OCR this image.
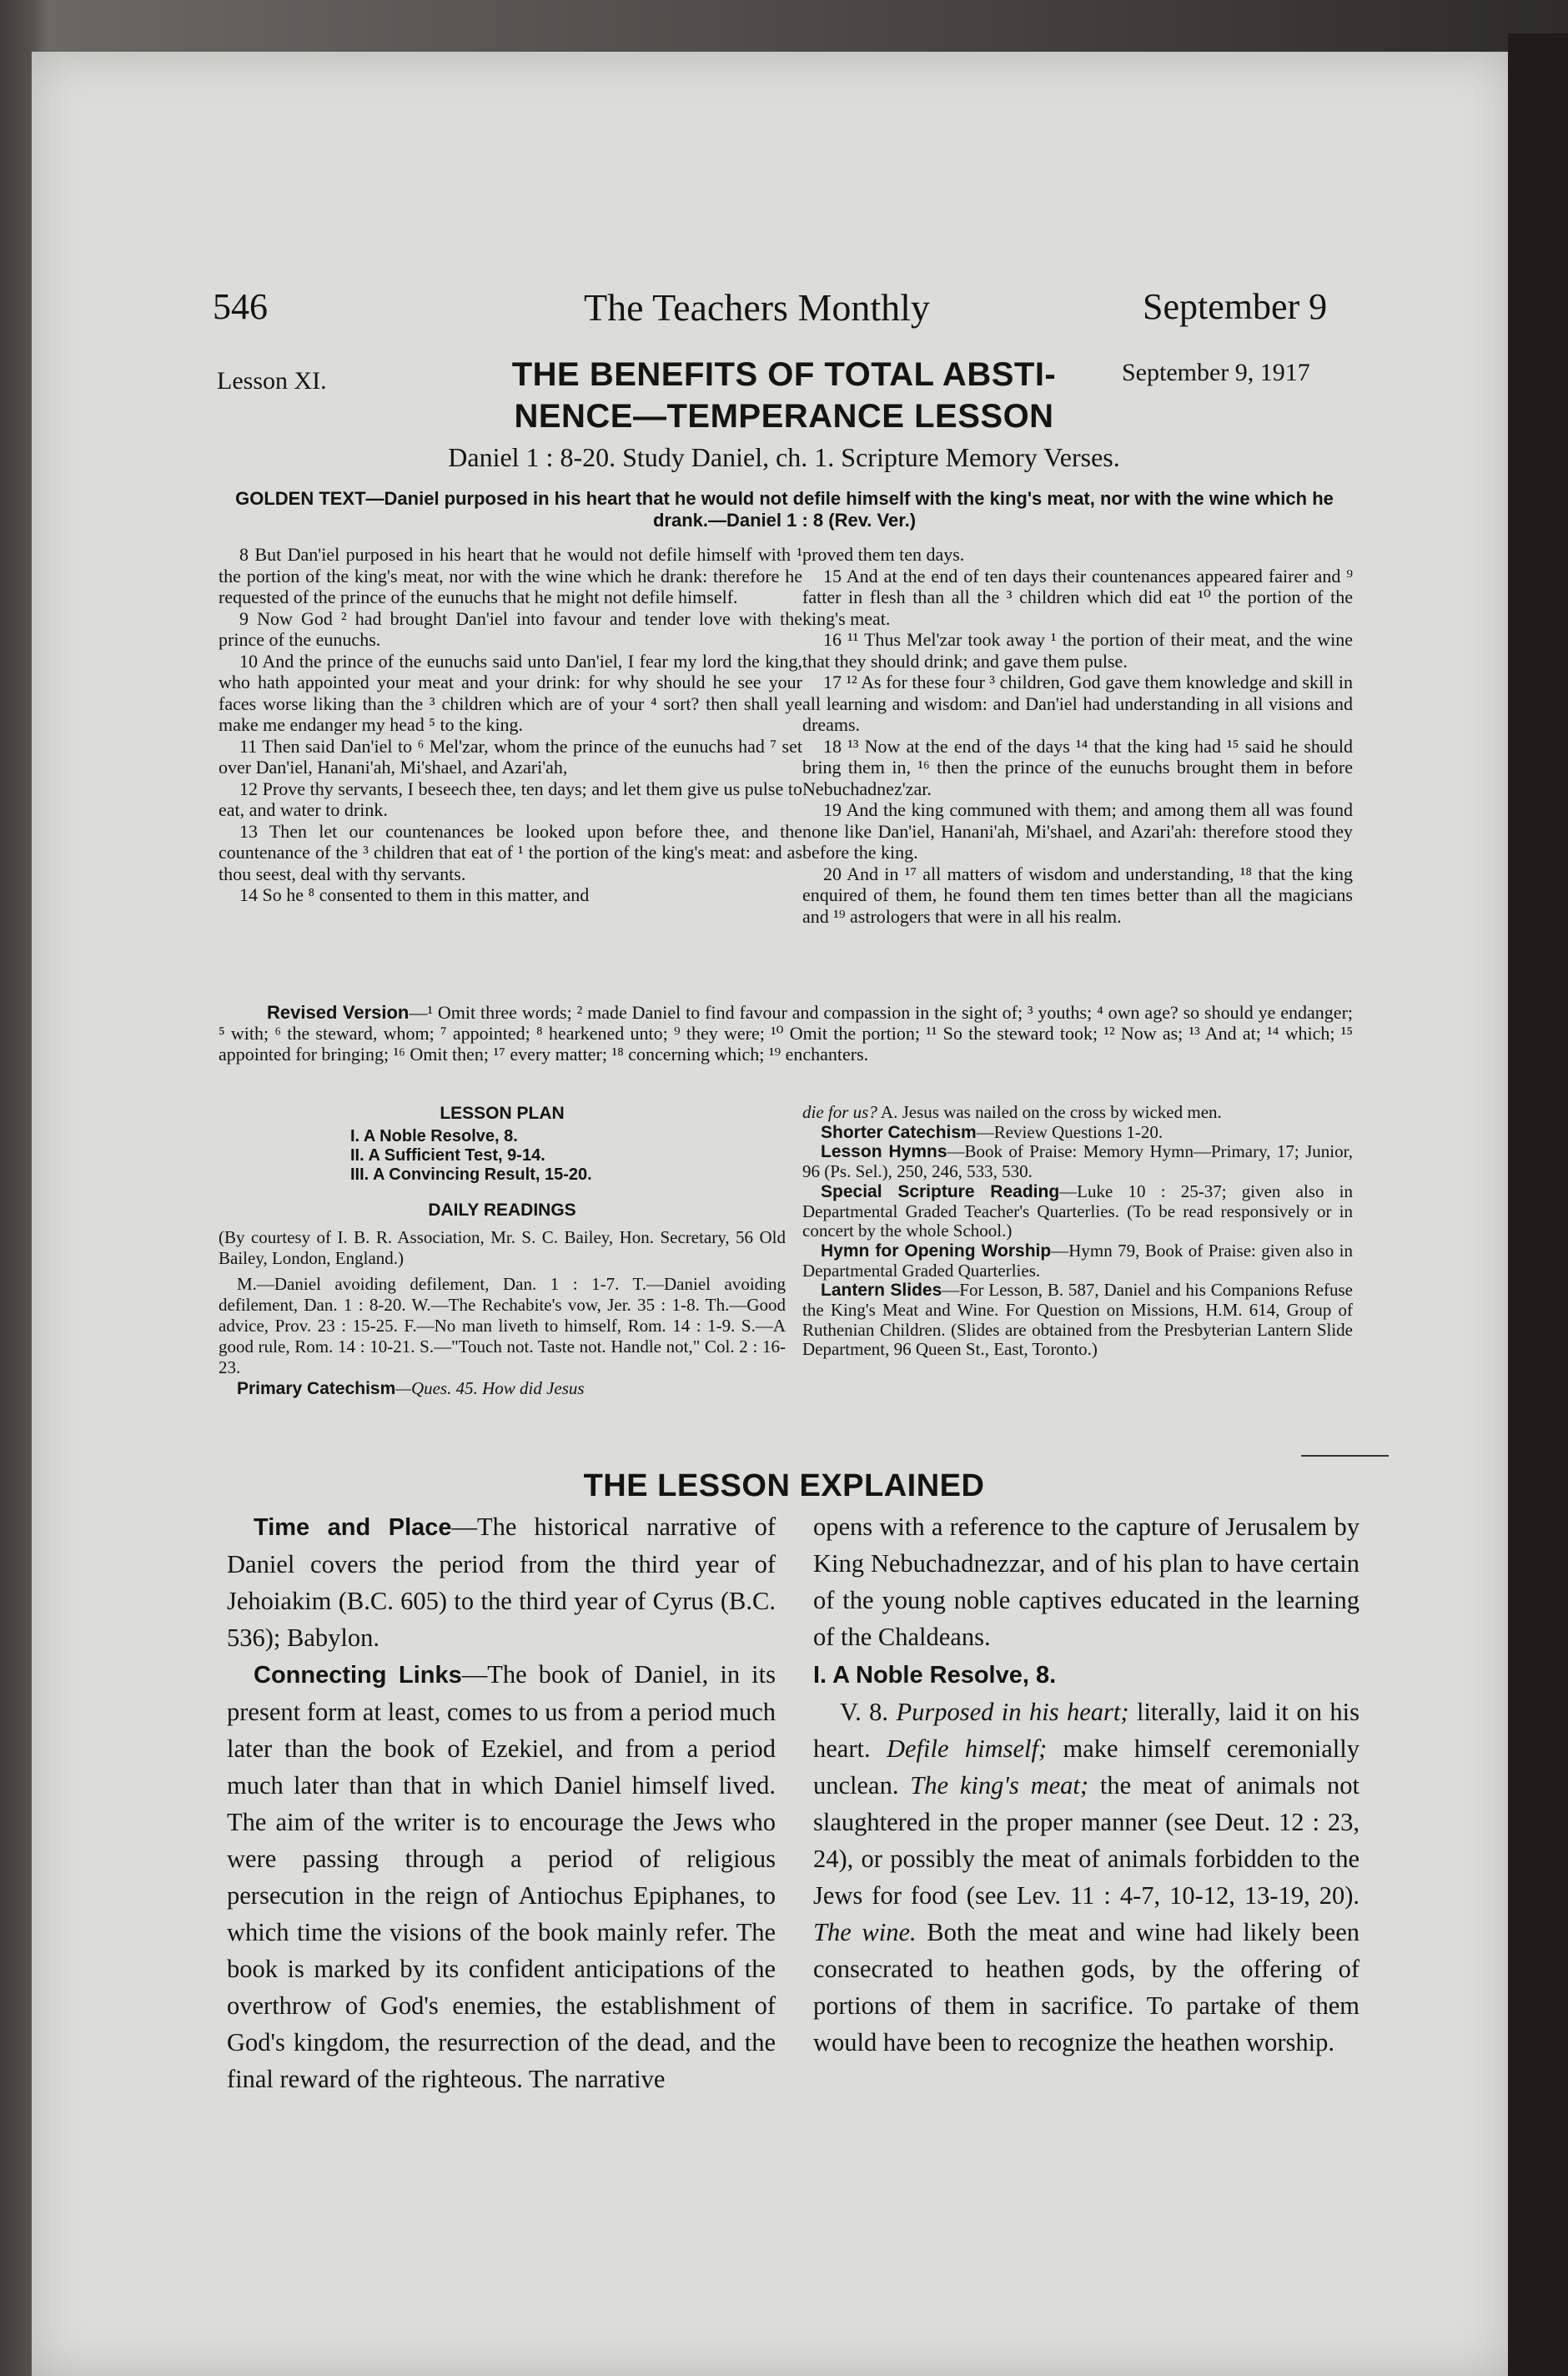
546	The Teachers Monthly	September 9
Lesson XI.	THE BENEFITS OF TOTAL ABSTI-
NENCE—TEMPERANCE LESSON
September 9, 1917
Daniel 1 : 8-20. Study Daniel, ch. 1. Scripture Memory Verses.
GOLDEN TEXT—Daniel purposed in his heart that he would not defile himself with the king's meat, nor with the wine which he drank.—Daniel 1 : 8 (Rev. Ver.)

8 But Dan'iel purposed in his heart that he would not defile himself with ¹ the portion of the king's meat, nor with the wine which he drank: therefore he requested of the prince of the eunuchs that he might not defile himself.

9 Now God ² had brought Dan'iel into favour and tender love with the prince of the eunuchs.

10 And the prince of the eunuchs said unto Dan'iel, I fear my lord the king, who hath appointed your meat and your drink: for why should he see your faces worse liking than the ³ children which are of your ⁴ sort? then shall ye make me endanger my head ⁵ to the king.

11 Then said Dan'iel to ⁶ Mel'zar, whom the prince of the eunuchs had ⁷ set over Dan'iel, Hanani'ah, Mi'shael, and Azari'ah,

12 Prove thy servants, I beseech thee, ten days; and let them give us pulse to eat, and water to drink.

13 Then let our countenances be looked upon before thee, and the countenance of the ³ children that eat of ¹ the portion of the king's meat: and as thou seest, deal with thy servants.

14 So he ⁸ consented to them in this matter, and

proved them ten days.

15 And at the end of ten days their countenances appeared fairer and ⁹ fatter in flesh than all the ³ children which did eat ¹⁰ the portion of the king's meat.

16 ¹¹ Thus Mel'zar took away ¹ the portion of their meat, and the wine that they should drink; and gave them pulse.

17 ¹² As for these four ³ children, God gave them knowledge and skill in all learning and wisdom: and Dan'iel had understanding in all visions and dreams.

18 ¹³ Now at the end of the days ¹⁴ that the king had ¹⁵ said he should bring them in, ¹⁶ then the prince of the eunuchs brought them in before Nebuchadnez'zar.

19 And the king communed with them; and among them all was found none like Dan'iel, Hanani'ah, Mi'shael, and Azari'ah: therefore stood they before the king.

20 And in ¹⁷ all matters of wisdom and understanding, ¹⁸ that the king enquired of them, he found them ten times better than all the magicians and ¹⁹ astrologers that were in all his realm.

Revised Version—¹ Omit three words; ² made Daniel to find favour and compassion in the sight of; ³ youths; ⁴ own age? so should ye endanger; ⁵ with; ⁶ the steward, whom; ⁷ appointed; ⁸ hearkened unto; ⁹ they were; ¹⁰ Omit the portion; ¹¹ So the steward took; ¹² Now as; ¹³ And at; ¹⁴ which; ¹⁵ appointed for bringing; ¹⁶ Omit then; ¹⁷ every matter; ¹⁸ concerning which; ¹⁹ enchanters.
LESSON PLAN
I. A Noble Resolve, 8.
II. A Sufficient Test, 9-14.
III. A Convincing Result, 15-20.
DAILY READINGS

(By courtesy of I. B. R. Association, Mr. S. C. Bailey, Hon. Secretary, 56 Old Bailey, London, England.)

M.—Daniel avoiding defilement, Dan. 1 : 1-7. T.—Daniel avoiding defilement, Dan. 1 : 8-20. W.—The Rechabite's vow, Jer. 35 : 1-8. Th.—Good advice, Prov. 23 : 15-25. F.—No man liveth to himself, Rom. 14 : 1-9. S.—A good rule, Rom. 14 : 10-21. S.—"Touch not. Taste not. Handle not," Col. 2 : 16-23.

Primary Catechism—Ques. 45. How did Jesus

die for us? A. Jesus was nailed on the cross by wicked men.

Shorter Catechism—Review Questions 1-20.

Lesson Hymns—Book of Praise: Memory Hymn—Primary, 17; Junior, 96 (Ps. Sel.), 250, 246, 533, 530.

Special Scripture Reading—Luke 10 : 25-37; given also in Departmental Graded Teacher's Quarterlies. (To be read responsively or in concert by the whole School.)

Hymn for Opening Worship—Hymn 79, Book of Praise: given also in Departmental Graded Quarterlies.

Lantern Slides—For Lesson, B. 587, Daniel and his Companions Refuse the King's Meat and Wine. For Question on Missions, H.M. 614, Group of Ruthenian Children. (Slides are obtained from the Presbyterian Lantern Slide Department, 96 Queen St., East, Toronto.)

THE LESSON EXPLAINED

Time and Place—The historical narrative of Daniel covers the period from the third year of Jehoiakim (B.C. 605) to the third year of Cyrus (B.C. 536); Babylon.

Connecting Links—The book of Daniel, in its present form at least, comes to us from a period much later than the book of Ezekiel, and from a period much later than that in which Daniel himself lived. The aim of the writer is to encourage the Jews who were passing through a period of religious persecution in the reign of Antiochus Epiphanes, to which time the visions of the book mainly refer. The book is marked by its confident anticipations of the overthrow of God's enemies, the establishment of God's kingdom, the resurrection of the dead, and the final reward of the righteous. The narrative

opens with a reference to the capture of Jerusalem by King Nebuchadnezzar, and of his plan to have certain of the young noble captives educated in the learning of the Chaldeans.

I. A Noble Resolve, 8.

V. 8. Purposed in his heart; literally, laid it on his heart. Defile himself; make himself ceremonially unclean. The king's meat; the meat of animals not slaughtered in the proper manner (see Deut. 12 : 23, 24), or possibly the meat of animals forbidden to the Jews for food (see Lev. 11 : 4-7, 10-12, 13-19, 20). The wine. Both the meat and wine had likely been consecrated to heathen gods, by the offering of portions of them in sacrifice. To partake of them would have been to recognize the heathen worship.
